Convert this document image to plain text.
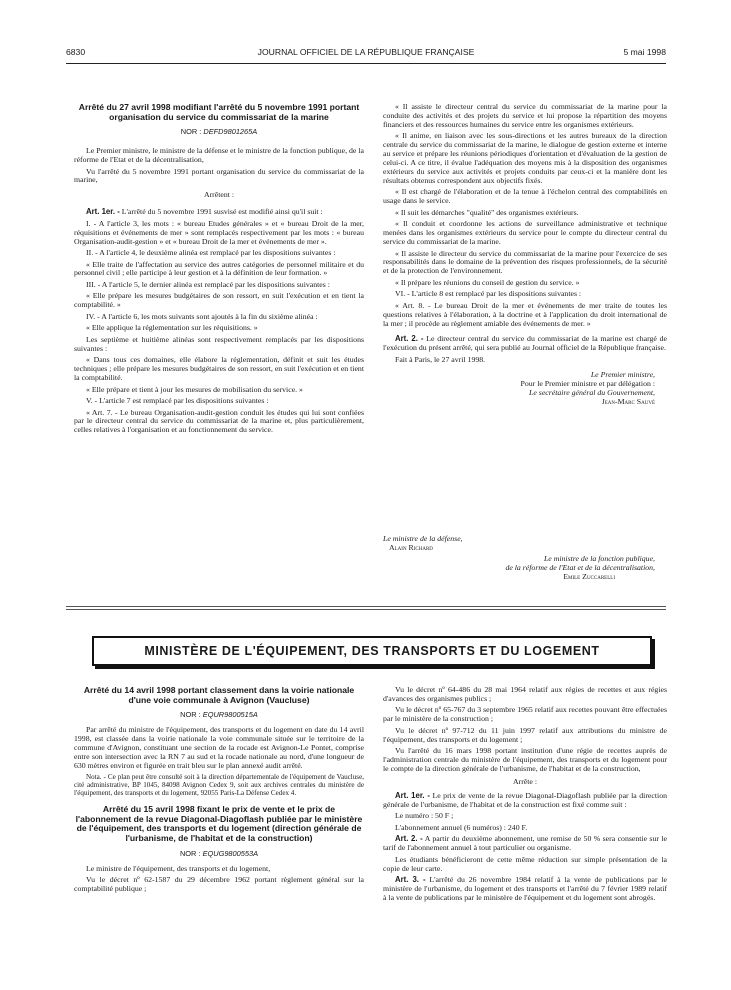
6830	JOURNAL OFFICIEL DE LA RÉPUBLIQUE FRANÇAISE	5 mai 1998
Arrêté du 27 avril 1998 modifiant l'arrêté du 5 novembre 1991 portant organisation du service du commissariat de la marine
NOR : DEFD9801265A

Le Premier ministre, le ministre de la défense et le ministre de la fonction publique, de la réforme de l'Etat et de la décentralisation,

Vu l'arrêté du 5 novembre 1991 portant organisation du service du commissariat de la marine,

Arrêtent :

Art. 1er. - L'arrêté du 5 novembre 1991 susvisé est modifié ainsi qu'il suit :

I. - A l'article 3, les mots : « bureau Etudes générales » et « bureau Droit de la mer, réquisitions et événements de mer » sont remplacés respectivement par les mots : « bureau Organisation-audit-gestion » et « bureau Droit de la mer et événements de mer ».

II. - A l'article 4, le deuxième alinéa est remplacé par les dispositions suivantes :

« Elle traite de l'affectation au service des autres catégories de personnel militaire et du personnel civil ; elle participe à leur gestion et à la définition de leur formation. »

III. - A l'article 5, le dernier alinéa est remplacé par les dispositions suivantes :

« Elle prépare les mesures budgétaires de son ressort, en suit l'exécution et en tient la comptabilité. »

IV. - A l'article 6, les mots suivants sont ajoutés à la fin du sixième alinéa :

« Elle applique la réglementation sur les réquisitions. »

Les septième et huitième alinéas sont respectivement remplacés par les dispositions suivantes :

« Dans tous ces domaines, elle élabore la réglementation, définit et suit les études techniques ; elle prépare les mesures budgétaires de son ressort, en suit l'exécution et en tient la comptabilité.

« Elle prépare et tient à jour les mesures de mobilisation du service. »

V. - L'article 7 est remplacé par les dispositions suivantes :

« Art. 7. - Le bureau Organisation-audit-gestion conduit les études qui lui sont confiées par le directeur central du service du commissariat de la marine et, plus particulièrement, celles relatives à l'organisation et au fonctionnement du service.

« Il assiste le directeur central du service du commissariat de la marine pour la conduite des activités et des projets du service et lui propose la répartition des moyens financiers et des ressources humaines du service entre les organismes extérieurs.

« Il anime, en liaison avec les sous-directions et les autres bureaux de la direction centrale du service du commissariat de la marine, le dialogue de gestion externe et interne au service et prépare les réunions périodiques d'orientation et d'évaluation de la gestion de celui-ci. A ce titre, il évalue l'adéquation des moyens mis à la disposition des organismes extérieurs du service aux activités et projets conduits par ceux-ci et la manière dont les résultats obtenus correspondent aux objectifs fixés.

« Il est chargé de l'élaboration et de la tenue à l'échelon central des comptabilités en usage dans le service.

« Il suit les démarches "qualité" des organismes extérieurs.

« Il conduit et coordonne les actions de surveillance administrative et technique menées dans les organismes extérieurs du service pour le compte du directeur central du service du commissariat de la marine.

« Il assiste le directeur du service du commissariat de la marine pour l'exercice de ses responsabilités dans le domaine de la prévention des risques professionnels, de la sécurité et de la protection de l'environnement.

« Il prépare les réunions du conseil de gestion du service. »

VI. - L'article 8 est remplacé par les dispositions suivantes :

« Art. 8. - Le bureau Droit de la mer et événements de mer traite de toutes les questions relatives à l'élaboration, à la doctrine et à l'application du droit international de la mer ; il procède au règlement amiable des événements de mer. »

Art. 2. - Le directeur central du service du commissariat de la marine est chargé de l'exécution du présent arrêté, qui sera publié au Journal officiel de la République française.

Fait à Paris, le 27 avril 1998.

Le Premier ministre,

Pour le Premier ministre et par délégation :

Le secrétaire général du Gouvernement,

Jean-Marc Sauvé

Le ministre de la défense,

Alain Richard

Le ministre de la fonction publique,

de la réforme de l'Etat et de la décentralisation,

Emile Zuccarelli

MINISTÈRE DE L'ÉQUIPEMENT, DES TRANSPORTS ET DU LOGEMENT
Arrêté du 14 avril 1998 portant classement dans la voirie nationale d'une voie communale à Avignon (Vaucluse)
NOR : EQUR9800515A

Par arrêté du ministre de l'équipement, des transports et du logement en date du 14 avril 1998, est classée dans la voirie nationale la voie communale située sur le territoire de la commune d'Avignon, constituant une section de la rocade est Avignon-Le Pontet, comprise entre son intersection avec la RN 7 au sud et la rocade nationale au nord, d'une longueur de 630 mètres environ et figurée en trait bleu sur le plan annexé audit arrêté.

Nota. - Ce plan peut être consulté soit à la direction départementale de l'équipement de Vaucluse, cité administrative, BP 1045, 84098 Avignon Cedex 9, soit aux archives centrales du ministère de l'équipement, des transports et du logement, 92055 Paris-La Défense Cedex 4.

Arrêté du 15 avril 1998 fixant le prix de vente et le prix de l'abonnement de la revue Diagonal-Diagoflash publiée par le ministère de l'équipement, des transports et du logement (direction générale de l'urbanisme, de l'habitat et de la construction)
NOR : EQUG9800553A

Le ministre de l'équipement, des transports et du logement,

Vu le décret nº 62-1587 du 29 décembre 1962 portant règlement général sur la comptabilité publique ;

Vu le décret nº 64-486 du 28 mai 1964 relatif aux régies de recettes et aux régies d'avances des organismes publics ;

Vu le décret nº 65-767 du 3 septembre 1965 relatif aux recettes pouvant être effectuées par le ministère de la construction ;

Vu le décret nº 97-712 du 11 juin 1997 relatif aux attributions du ministre de l'équipement, des transports et du logement ;

Vu l'arrêté du 16 mars 1998 portant institution d'une régie de recettes auprès de l'administration centrale du ministère de l'équipement, des transports et du logement pour le compte de la direction générale de l'urbanisme, de l'habitat et de la construction,

Arrête :

Art. 1er. - Le prix de vente de la revue Diagonal-Diagoflash publiée par la direction générale de l'urbanisme, de l'habitat et de la construction est fixé comme suit :

Le numéro : 50 F ;

L'abonnement annuel (6 numéros) : 240 F.

Art. 2. - A partir du deuxième abonnement, une remise de 50 % sera consentie sur le tarif de l'abonnement annuel à tout particulier ou organisme.

Les étudiants bénéficieront de cette même réduction sur simple présentation de la copie de leur carte.

Art. 3. - L'arrêté du 26 novembre 1984 relatif à la vente de publications par le ministère de l'urbanisme, du logement et des transports et l'arrêté du 7 février 1989 relatif à la vente de publications par le ministère de l'équipement et du logement sont abrogés.
